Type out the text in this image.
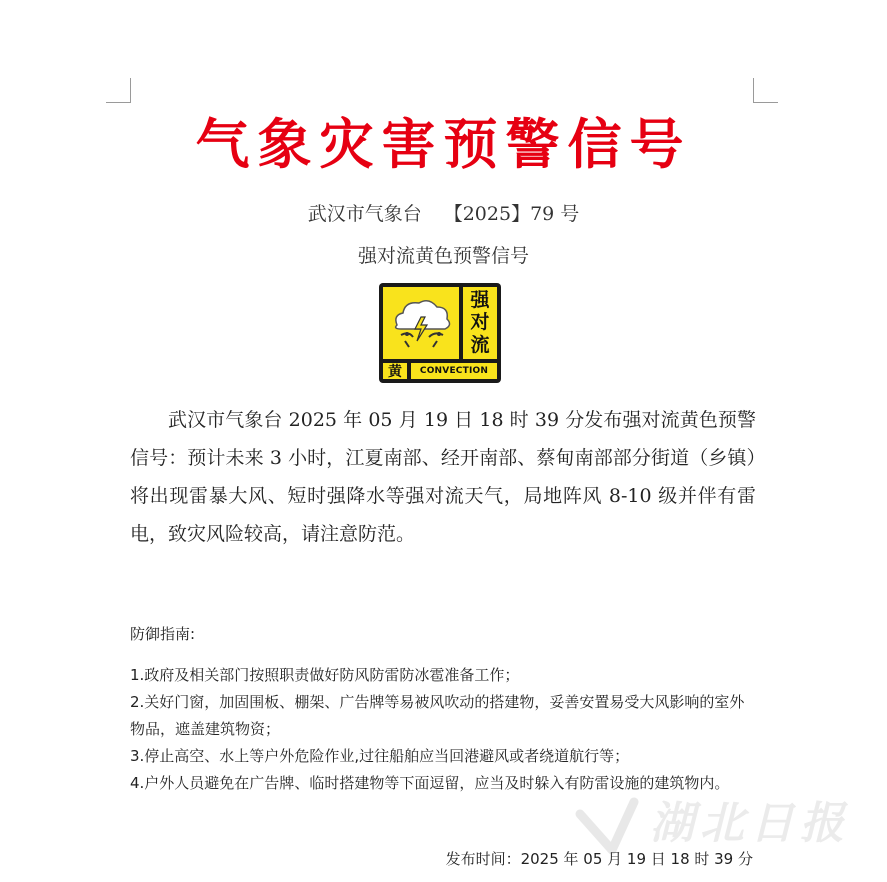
气象灾害预警信号
武汉市气象台 【2025】79 号
强对流黄色预警信号
强
对
流
黄	CONVECTION

武汉市气象台 2025 年 05 月 19 日 18 时 39 分发布强对流黄色预警信号：预计未来 3 小时，江夏南部、经开南部、蔡甸南部部分街道（乡镇）将出现雷暴大风、短时强降水等强对流天气，局地阵风 8-10 级并伴有雷电，致灾风险较高，请注意防范。

防御指南:
1.政府及相关部门按照职责做好防风防雷防冰雹准备工作；
2.关好门窗，加固围板、棚架、广告牌等易被风吹动的搭建物，妥善安置易受大风影响的室外物品，遮盖建筑物资；
3.停止高空、水上等户外危险作业,过往船舶应当回港避风或者绕道航行等；
4.户外人员避免在广告牌、临时搭建物等下面逗留，应当及时躲入有防雷设施的建筑物内。
湖北日报
发布时间：2025 年 05 月 19 日 18 时 39 分
